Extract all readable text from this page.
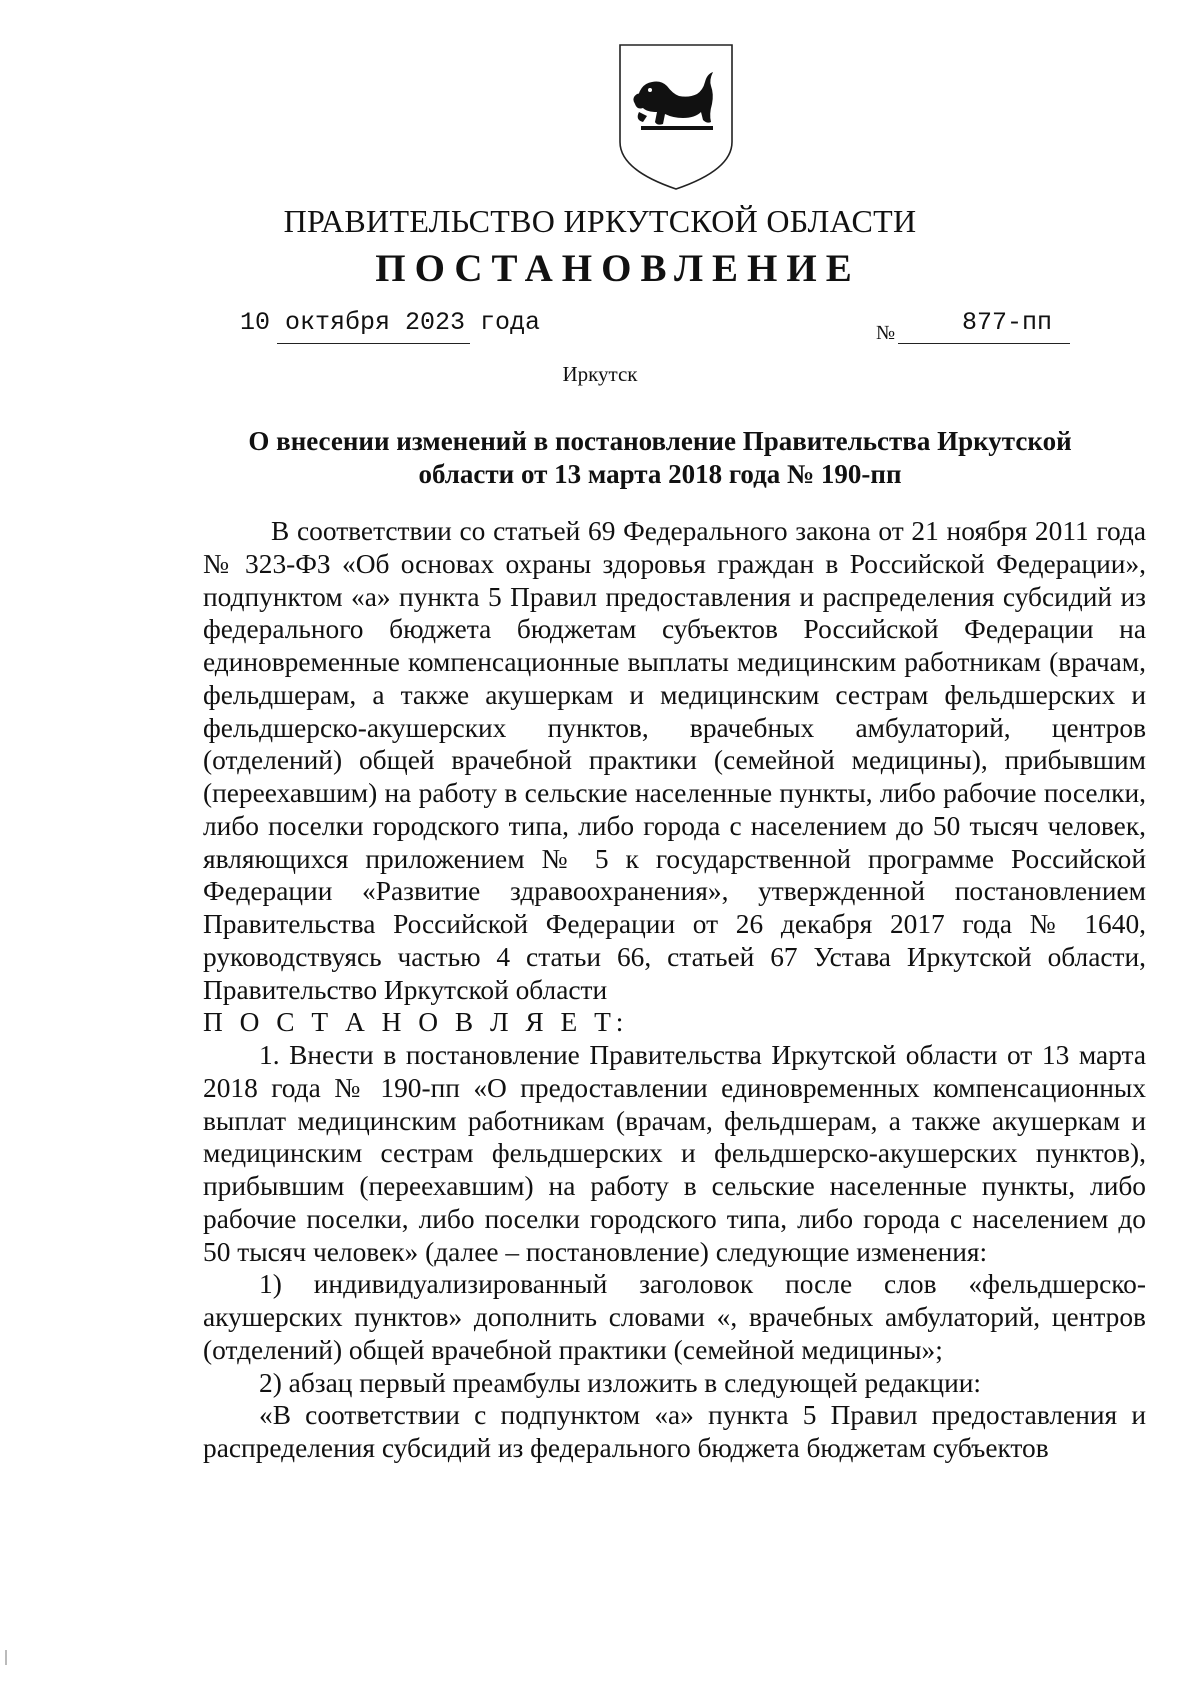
ПРАВИТЕЛЬСТВО ИРКУТСКОЙ ОБЛАСТИ
ПОСТАНОВЛЕНИЕ
10 октября 2023 года	№	877-пп
Иркутск
О внесении изменений в постановление Правительства Иркутской
области от 13 марта 2018 года № 190-пп

В соответствии со статьей 69 Федерального закона от 21 ноября 2011 года № 323-ФЗ «Об основах охраны здоровья граждан в Российской Федерации», подпунктом «а» пункта 5 Правил предоставления и распределения субсидий из федерального бюджета бюджетам субъектов Российской Федерации на единовременные компенсационные выплаты медицинским работникам (врачам, фельдшерам, а также акушеркам и медицинским сестрам фельдшерских и фельдшерско-акушерских пунктов, врачебных амбулаторий, центров (отделений) общей врачебной практики (семейной медицины), прибывшим (переехавшим) на работу в сельские населенные пункты, либо рабочие поселки, либо поселки городского типа, либо города с населением до 50 тысяч человек, являющихся приложением № 5 к государственной программе Российской Федерации «Развитие здравоохранения», утвержденной постановлением Правительства Российской Федерации от 26 декабря 2017 года № 1640, руководствуясь частью 4 статьи 66, статьей 67 Устава Иркутской области, Правительство Иркутской области

П О С Т А Н О В Л Я Е Т:

1. Внести в постановление Правительства Иркутской области от 13 марта 2018 года № 190-пп «О предоставлении единовременных компенсационных выплат медицинским работникам (врачам, фельдшерам, а также акушеркам и медицинским сестрам фельдшерских и фельдшерско-акушерских пунктов), прибывшим (переехавшим) на работу в сельские населенные пункты, либо рабочие поселки, либо поселки городского типа, либо города с населением до 50 тысяч человек» (далее – постановление) следующие изменения:

1) индивидуализированный заголовок после слов «фельдшерско-акушерских пунктов» дополнить словами «, врачебных амбулаторий, центров (отделений) общей врачебной практики (семейной медицины»;

2) абзац первый преамбулы изложить в следующей редакции:

«В соответствии с подпунктом «а» пункта 5 Правил предоставления и распределения субсидий из федерального бюджета бюджетам субъектов
